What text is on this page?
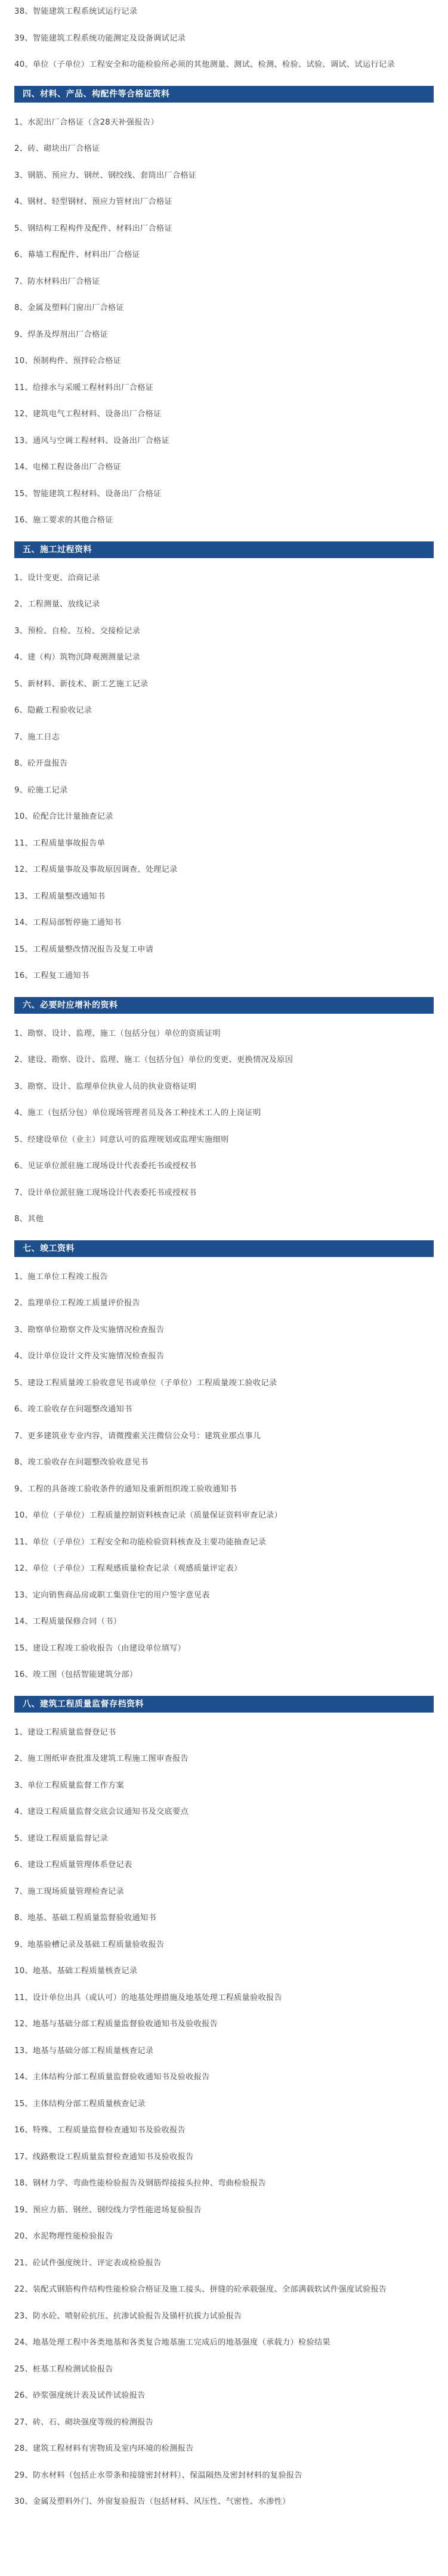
38、智能建筑工程系统试运行记录
39、智能建筑工程系统功能测定及设备调试记录
40、单位（子单位）工程安全和功能检验所必须的其他测量、测试、检测、检验、试验、调试、试运行记录
四、材料、产品、构配件等合格证资料
1、水泥出厂合格证（含28天补强报告）
2、砖、砌块出厂合格证
3、钢筋、预应力、钢丝、钢绞线、套筒出厂合格证
4、钢材、轻型钢材、预应力管材出厂合格证
5、钢结构工程构件及配件、材料出厂合格证
6、幕墙工程配件、材料出厂合格证
7、防水材料出厂合格证
8、金属及塑料门窗出厂合格证
9、焊条及焊剂出厂合格证
10、预制构件、预拌砼合格证
11、给排水与采暖工程材料出厂合格证
12、建筑电气工程材料、设备出厂合格证
13、通风与空调工程材料、设备出厂合格证
14、电梯工程设备出厂合格证
15、智能建筑工程材料、设备出厂合格证
16、施工要求的其他合格证
五、施工过程资料
1、设计变更、洽商记录
2、工程测量、放线记录
3、预检、自检、互检、交接检记录
4、建（构）筑物沉降观测测量记录
5、新材料、新技术、新工艺施工记录
6、隐蔽工程验收记录
7、施工日志
8、砼开盘报告
9、砼施工记录
10、砼配合比计量抽查记录
11、工程质量事故报告单
12、工程质量事故及事故原因调查、处理记录
13、工程质量整改通知书
14、工程局部暂停施工通知书
15、工程质量整改情况报告及复工申请
16、工程复工通知书
六、必要时应增补的资料
1、勘察、设计、监理、施工（包括分包）单位的资质证明
2、建设、勘察、设计、监理、施工（包括分包）单位的变更、更换情况及原因
3、勘察、设计、监理单位执业人员的执业资格证明
4、施工（包括分包）单位现场管理者员及各工种技术工人的上岗证明
5、经建设单位（业主）同意认可的监理规划或监理实施细则
6、见证单位派驻施工现场设计代表委托书或授权书
7、设计单位派驻施工现场设计代表委托书或授权书
8、其他
七、竣工资料
1、施工单位工程竣工报告
2、监理单位工程竣工质量评价报告
3、勘察单位勘察文件及实施情况检查报告
4、设计单位设计文件及实施情况检查报告
5、建设工程质量竣工验收意见书或单位（子单位）工程质量竣工验收记录
6、竣工验收存在问题整改通知书
7、更多建筑业专业内容，请微搜索关注微信公众号：建筑业那点事儿
8、竣工验收存在问题整改验收意见书
9、工程的具备竣工验收条件的通知及重新组织竣工验收通知书
10、单位（子单位）工程质量控制资料核查记录（质量保证资料审查记录）
11、单位（子单位）工程安全和功能检验资料核查及主要功能抽查记录
12、单位（子单位）工程观感质量检查记录（观感质量评定表）
13、定向销售商品房或职工集资住宅的用户签字意见表
14、工程质量保修合同（书）
15、建设工程竣工验收报告（由建设单位填写）
16、竣工图（包括智能建筑分部）
八、建筑工程质量监督存档资料
1、建设工程质量监督登记书
2、施工图纸审查批准及建筑工程施工图审查报告
3、单位工程质量监督工作方案
4、建设工程质量监督交底会议通知书及交底要点
5、建设工程质量监督记录
6、建设工程质量管理体系登记表
7、施工现场质量管理检查记录
8、地基、基础工程质量监督验收通知书
9、地基验槽记录及基础工程质量验收报告
10、地基、基础工程质量核查记录
11、设计单位出具（或认可）的地基处理措施及地基处理工程质量验收报告
12、地基与基础分部工程质量监督验收通知书及验收报告
13、地基与基础分部工程质量核查记录
14、主体结构分部工程质量监督验收通知书及验收报告
15、主体结构分部工程质量核查记录
16、特殊、工程质量监督检查通知书及验收报告
17、线路敷设工程质量监督检查通知书及验收报告
18、钢材力学、弯曲性能检验报告及钢筋焊接接头拉伸、弯曲检验报告
19、预应力筋、钢丝、钢绞线力学性能进场复验报告
20、水泥物理性能检验报告
21、砼试件强度统计、评定表或检验报告
22、装配式钢筋构件结构性能检验合格证及施工接头、拼缝的砼承载强度、全部满载软试件强度试验报告
23、防水砼、喷射砼抗压、抗渗试验报告及锚杆抗拔力试验报告
24、地基处理工程中各类地基和各类复合地基施工完成后的地基强度（承载力）检验结果
25、桩基工程检测试验报告
26、砂浆强度统计表及试件试验报告
27、砖、石、砌块强度等级的检测报告
28、建筑工程材料有害物质及室内环境的检测报告
29、防水材料（包括止水带条和接缝密封材料）、保温隔热及密封材料的复验报告
30、金属及塑料外门、外窗复验报告（包括材料、风压性、气密性、水渗性）
